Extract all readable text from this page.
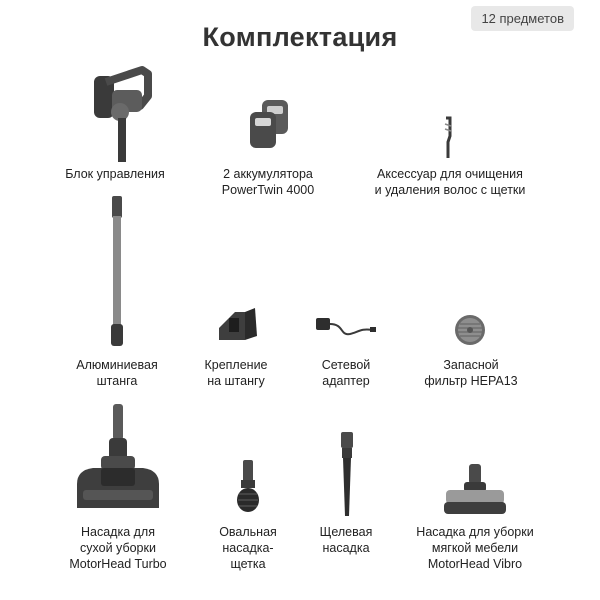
12 предметов
Комплектация
Блок управления	2 аккумулятора
PowerTwin 4000
Аксессуар для очищения
и удаления волос с щетки
Алюминиевая
штанга
Крепление
на штангу
Сетевой
адаптер
Запасной
фильтр HEPA13
Насадка для
сухой уборки
MotorHead Turbo
Овальная
насадка-
щетка
Щелевая
насадка
Насадка для уборки
мягкой мебели
MotorHead Vibro
